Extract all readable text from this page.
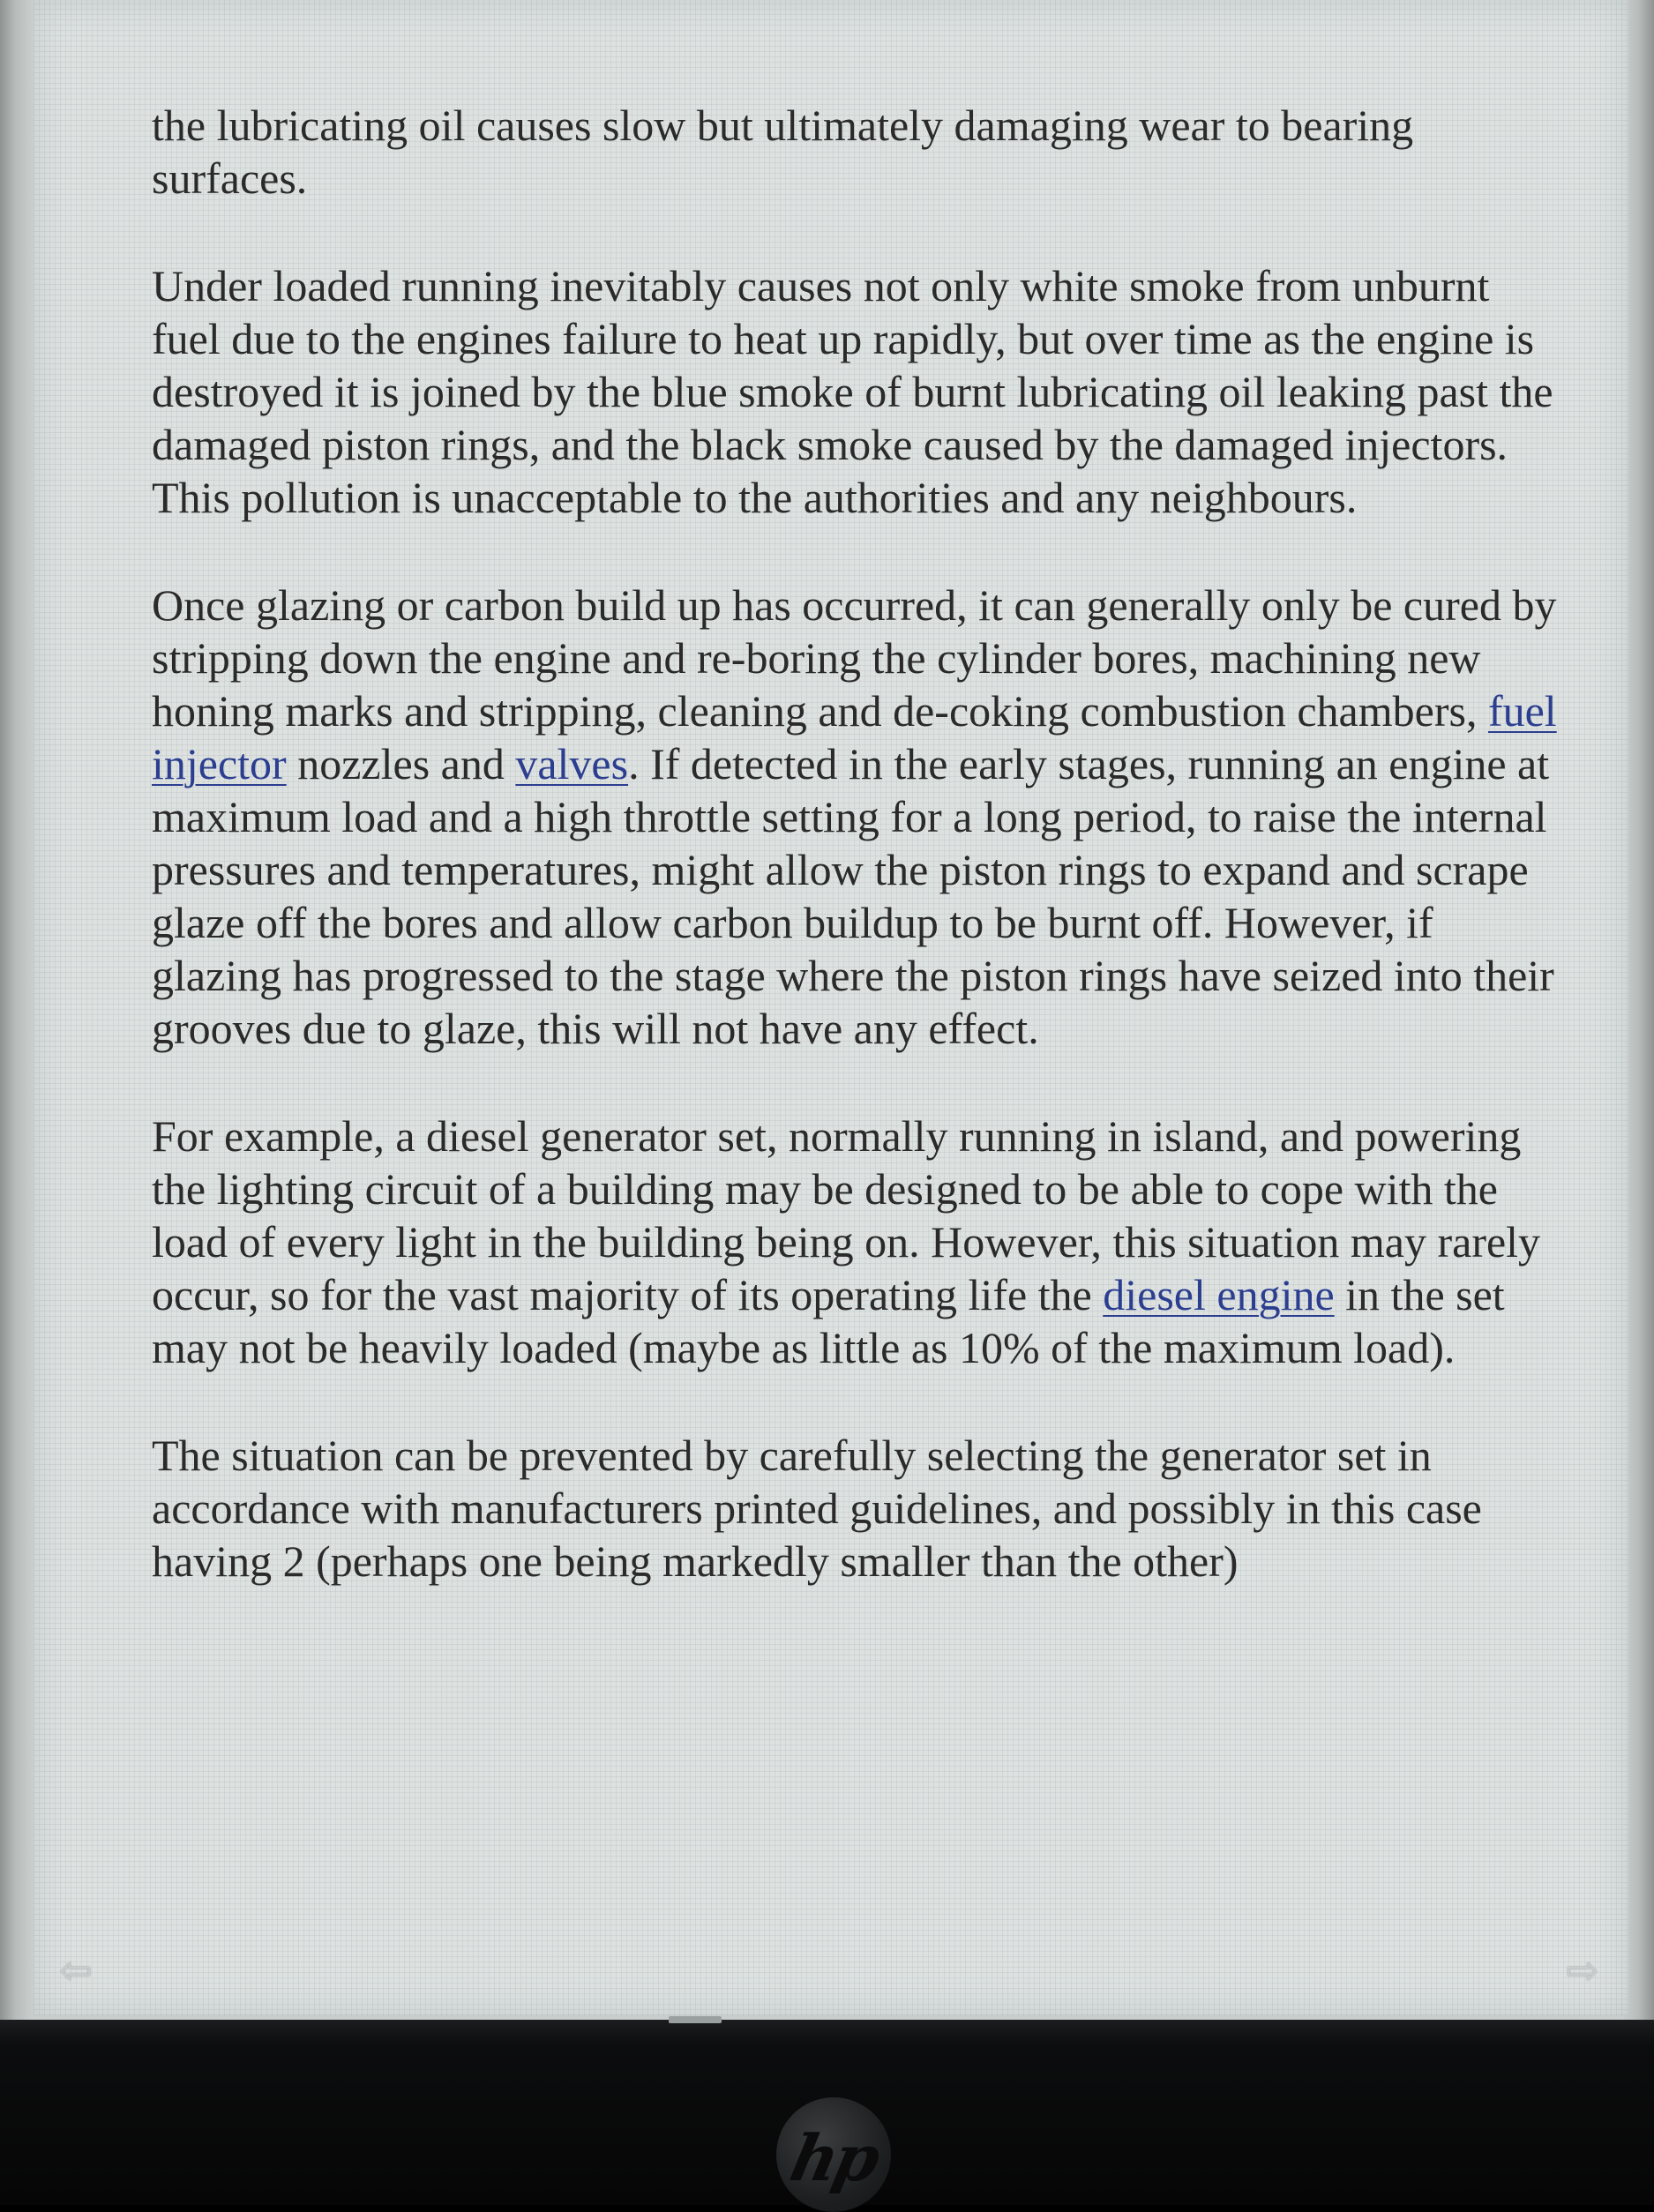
the lubricating oil causes slow but ultimately damaging wear to bearing surfaces.

Under loaded running inevitably causes not only white smoke from unburnt fuel due to the engines failure to heat up rapidly, but over time as the engine is destroyed it is joined by the blue smoke of burnt lubricating oil leaking past the damaged piston rings, and the black smoke caused by the damaged injectors. This pollution is unacceptable to the authorities and any neighbours.

Once glazing or carbon build up has occurred, it can generally only be cured by stripping down the engine and re-boring the cylinder bores, machining new honing marks and stripping, cleaning and de-coking combustion chambers, fuel injector nozzles and valves. If detected in the early stages, running an engine at maximum load and a high throttle setting for a long period, to raise the internal pressures and temperatures, might allow the piston rings to expand and scrape glaze off the bores and allow carbon buildup to be burnt off. However, if glazing has progressed to the stage where the piston rings have seized into their grooves due to glaze, this will not have any effect.

For example, a diesel generator set, normally running in island, and powering the lighting circuit of a building may be designed to be able to cope with the load of every light in the building being on. However, this situation may rarely occur, so for the vast majority of its operating life the diesel engine in the set may not be heavily loaded (maybe as little as 10% of the maximum load).

The situation can be prevented by carefully selecting the generator set in accordance with manufacturers printed guidelines, and possibly in this case having 2 (perhaps one being markedly smaller than the other)

⇦	⇨
hp
